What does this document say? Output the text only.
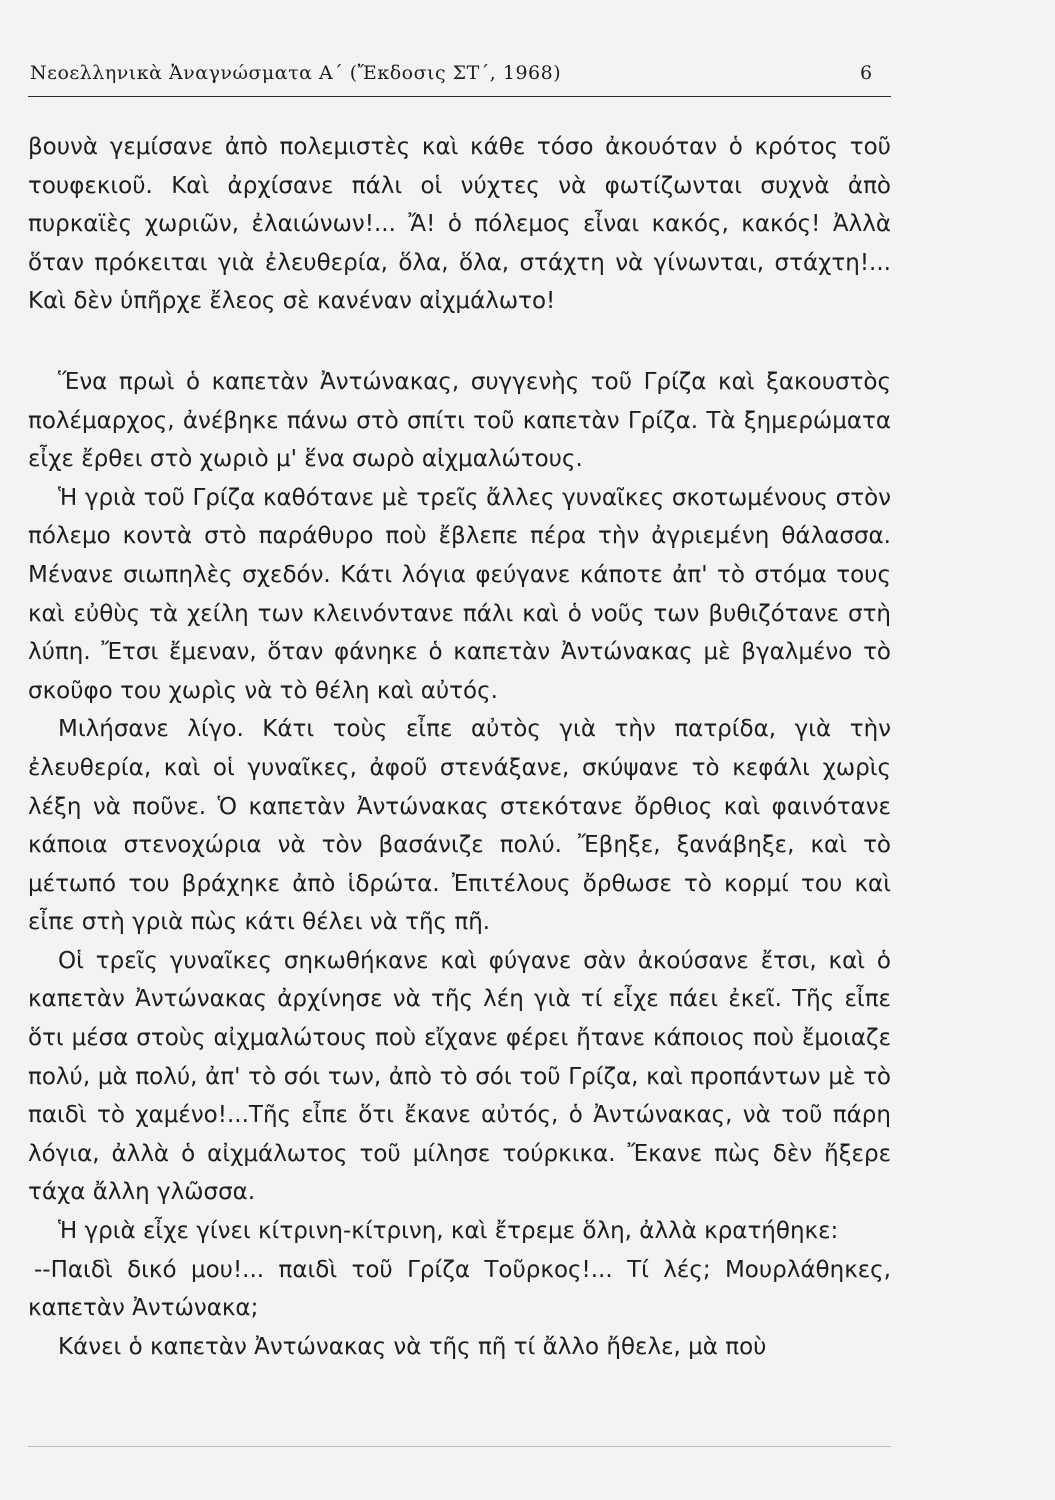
Νεοελληνικὰ Ἀναγνώσματα Α΄ (Ἔκδοσις ΣΤ΄, 1968)	6

βουνὰ γεμίσανε ἀπὸ πολεμιστὲς καὶ κάθε τόσο ἀκουόταν ὁ κρότος τοῦ τουφεκιοῦ. Καὶ ἀρχίσανε πάλι οἱ νύχτες νὰ φωτίζωνται συχνὰ ἀπὸ πυρκαϊὲς χωριῶν, ἐλαιώνων!... Ἄ! ὁ πόλεμος εἶναι κακός, κακός! Ἀλλὰ ὅταν πρόκειται γιὰ ἐλευθερία, ὅλα, ὅλα, στάχτη νὰ γίνωνται, στάχτη!... Καὶ δὲν ὑπῆρχε ἔλεος σὲ κανέναν αἰχμάλωτο!

Ἕνα πρωὶ ὁ καπετὰν Ἀντώνακας, συγγενὴς τοῦ Γρίζα καὶ ξακουστὸς πολέμαρχος, ἀνέβηκε πάνω στὸ σπίτι τοῦ καπετὰν Γρίζα. Τὰ ξημερώματα εἶχε ἔρθει στὸ χωριὸ μ' ἕνα σωρὸ αἰχμαλώτους.

Ἡ γριὰ τοῦ Γρίζα καθότανε μὲ τρεῖς ἄλλες γυναῖκες σκοτωμένους στὸν πόλεμο κοντὰ στὸ παράθυρο ποὺ ἔβλεπε πέρα τὴν ἀγριεμένη θάλασσα. Μένανε σιωπηλὲς σχεδόν. Κάτι λόγια φεύγανε κάποτε ἀπ' τὸ στόμα τους καὶ εὐθὺς τὰ χείλη των κλεινόντανε πάλι καὶ ὁ νοῦς των βυθιζότανε στὴ λύπη. Ἔτσι ἔμεναν, ὅταν φάνηκε ὁ καπετὰν Ἀντώνακας μὲ βγαλμένο τὸ σκοῦφο του χωρὶς νὰ τὸ θέλη καὶ αὐτός.

Μιλήσανε λίγο. Κάτι τοὺς εἶπε αὐτὸς γιὰ τὴν πατρίδα, γιὰ τὴν ἐλευθερία, καὶ οἱ γυναῖκες, ἀφοῦ στενάξανε, σκύψανε τὸ κεφάλι χωρὶς λέξη νὰ ποῦνε. Ὁ καπετὰν Ἀντώνακας στεκότανε ὄρθιος καὶ φαινότανε κάποια στενοχώρια νὰ τὸν βασάνιζε πολύ. Ἔβηξε, ξανάβηξε, καὶ τὸ μέτωπό του βράχηκε ἀπὸ ἱδρώτα. Ἐπιτέλους ὄρθωσε τὸ κορμί του καὶ εἶπε στὴ γριὰ πὼς κάτι θέλει νὰ τῆς πῆ.

Οἱ τρεῖς γυναῖκες σηκωθήκανε καὶ φύγανε σὰν ἀκούσανε ἔτσι, καὶ ὁ καπετὰν Ἀντώνακας ἀρχίνησε νὰ τῆς λέη γιὰ τί εἶχε πάει ἐκεῖ. Τῆς εἶπε ὅτι μέσα στοὺς αἰχμαλώτους ποὺ εἴχανε φέρει ἤτανε κάποιος ποὺ ἔμοιαζε πολύ, μὰ πολύ, ἀπ' τὸ σόι των, ἀπὸ τὸ σόι τοῦ Γρίζα, καὶ προπάντων μὲ τὸ παιδὶ τὸ χαμένο!...Τῆς εἶπε ὅτι ἔκανε αὐτός, ὁ Ἀντώνακας, νὰ τοῦ πάρη λόγια, ἀλλὰ ὁ αἰχμάλωτος τοῦ μίλησε τούρκικα. Ἔκανε πὼς δὲν ἤξερε τάχα ἄλλη γλῶσσα.

Ἡ γριὰ εἶχε γίνει κίτρινη-κίτρινη, καὶ ἔτρεμε ὅλη, ἀλλὰ κρατήθηκε:

--Παιδὶ δικό μου!... παιδὶ τοῦ Γρίζα Τοῦρκος!... Τί λές; Μουρλάθηκες, καπετὰν Ἀντώνακα;

Κάνει ὁ καπετὰν Ἀντώνακας νὰ τῆς πῆ τί ἄλλο ἤθελε, μὰ ποὺ
